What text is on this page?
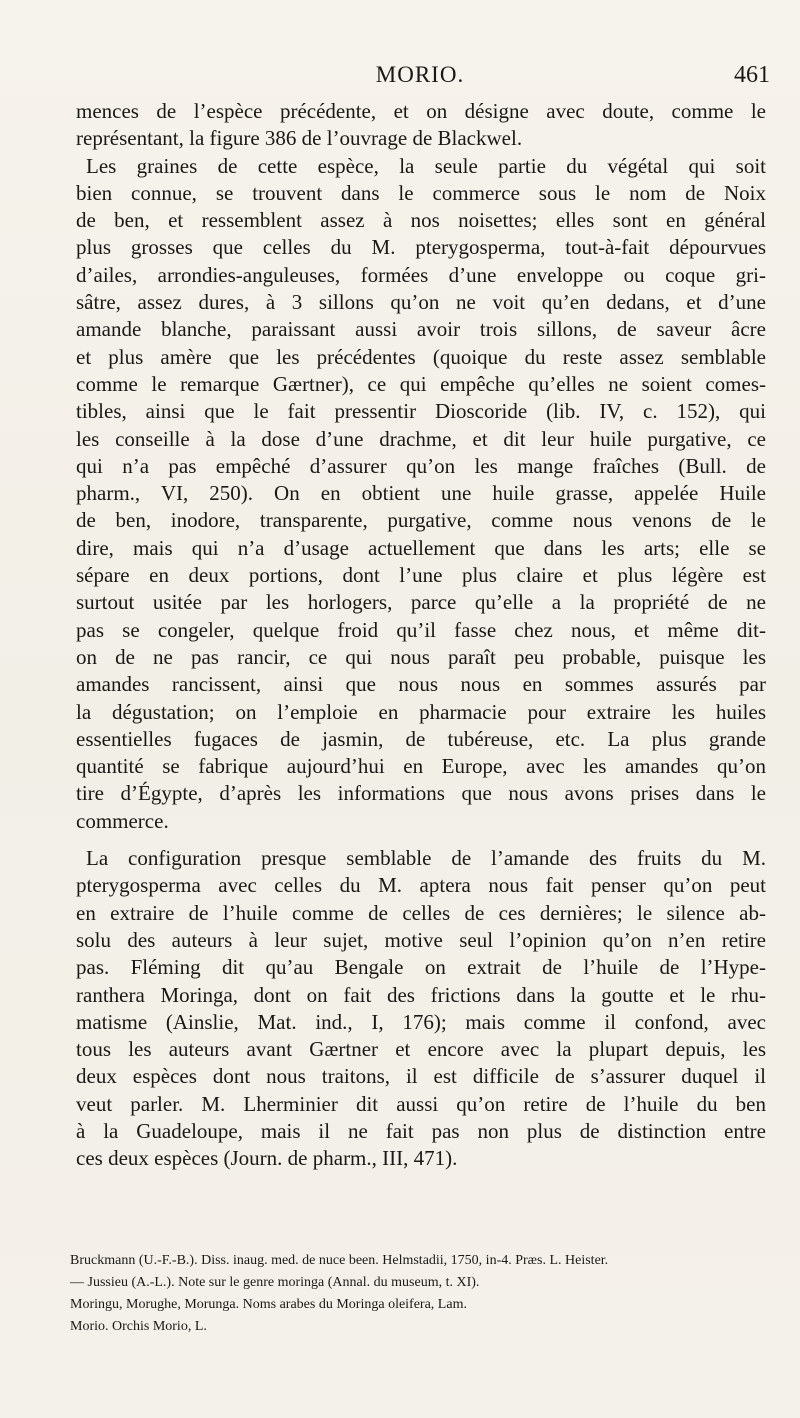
MORIO.	461

mences de l’espèce précédente, et on désigne avec doute, comme le

représentant, la figure 386 de l’ouvrage de Blackwel.

Les graines de cette espèce, la seule partie du végétal qui soit

bien connue, se trouvent dans le commerce sous le nom de Noix

de ben, et ressemblent assez à nos noisettes; elles sont en général

plus grosses que celles du M. pterygosperma, tout-à-fait dépourvues

d’ailes, arrondies-anguleuses, formées d’une enveloppe ou coque gri-

sâtre, assez dures, à 3 sillons qu’on ne voit qu’en dedans, et d’une

amande blanche, paraissant aussi avoir trois sillons, de saveur âcre

et plus amère que les précédentes (quoique du reste assez semblable

comme le remarque Gærtner), ce qui empêche qu’elles ne soient comes-

tibles, ainsi que le fait pressentir Dioscoride (lib. IV, c. 152), qui

les conseille à la dose d’une drachme, et dit leur huile purgative, ce

qui n’a pas empêché d’assurer qu’on les mange fraîches (Bull. de

pharm., VI, 250). On en obtient une huile grasse, appelée Huile

de ben, inodore, transparente, purgative, comme nous venons de le

dire, mais qui n’a d’usage actuellement que dans les arts; elle se

sépare en deux portions, dont l’une plus claire et plus légère est

surtout usitée par les horlogers, parce qu’elle a la propriété de ne

pas se congeler, quelque froid qu’il fasse chez nous, et même dit-

on de ne pas rancir, ce qui nous paraît peu probable, puisque les

amandes rancissent, ainsi que nous nous en sommes assurés par

la dégustation; on l’emploie en pharmacie pour extraire les huiles

essentielles fugaces de jasmin, de tubéreuse, etc. La plus grande

quantité se fabrique aujourd’hui en Europe, avec les amandes qu’on

tire d’Égypte, d’après les informations que nous avons prises dans le

commerce.

La configuration presque semblable de l’amande des fruits du M.

pterygosperma avec celles du M. aptera nous fait penser qu’on peut

en extraire de l’huile comme de celles de ces dernières; le silence ab-

solu des auteurs à leur sujet, motive seul l’opinion qu’on n’en retire

pas. Fléming dit qu’au Bengale on extrait de l’huile de l’Hype-

ranthera Moringa, dont on fait des frictions dans la goutte et le rhu-

matisme (Ainslie, Mat. ind., I, 176); mais comme il confond, avec

tous les auteurs avant Gærtner et encore avec la plupart depuis, les

deux espèces dont nous traitons, il est difficile de s’assurer duquel il

veut parler. M. Lherminier dit aussi qu’on retire de l’huile du ben

à la Guadeloupe, mais il ne fait pas non plus de distinction entre

ces deux espèces (Journ. de pharm., III, 471).

Bruckmann (U.-F.-B.). Diss. inaug. med. de nuce been. Helmstadii, 1750, in-4. Præs. L. Heister.
— Jussieu (A.-L.). Note sur le genre moringa (Annal. du museum, t. XI).
Moringu, Morughe, Morunga. Noms arabes du Moringa oleifera, Lam.
Morio. Orchis Morio, L.
